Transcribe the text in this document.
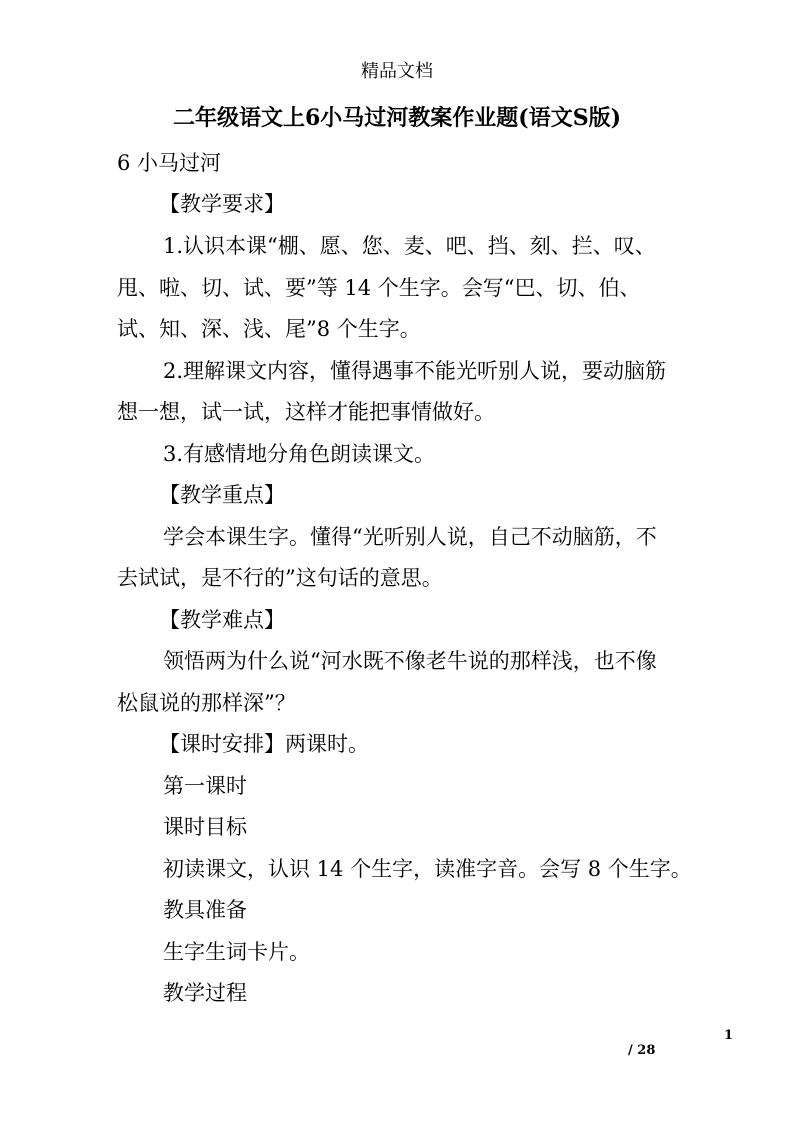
精品文档
二年级语文上6小马过河教案作业题(语文S版)
6 小马过河
【教学要求】
1.认识本课“棚、愿、您、麦、吧、挡、刻、拦、叹、
甩、啦、切、试、要”等 14 个生字。会写“巴、切、伯、
试、知、深、浅、尾”8 个生字。
2.理解课文内容，懂得遇事不能光听别人说，要动脑筋
想一想，试一试，这样才能把事情做好。
3.有感情地分角色朗读课文。
【教学重点】
学会本课生字。懂得“光听别人说，自己不动脑筋，不
去试试，是不行的”这句话的意思。
【教学难点】
领悟两为什么说“河水既不像老牛说的那样浅，也不像
松鼠说的那样深”？
【课时安排】两课时。
第一课时
课时目标
初读课文，认识 14 个生字，读准字音。会写 8 个生字。
教具准备
生字生词卡片。
教学过程
1
/ 28
